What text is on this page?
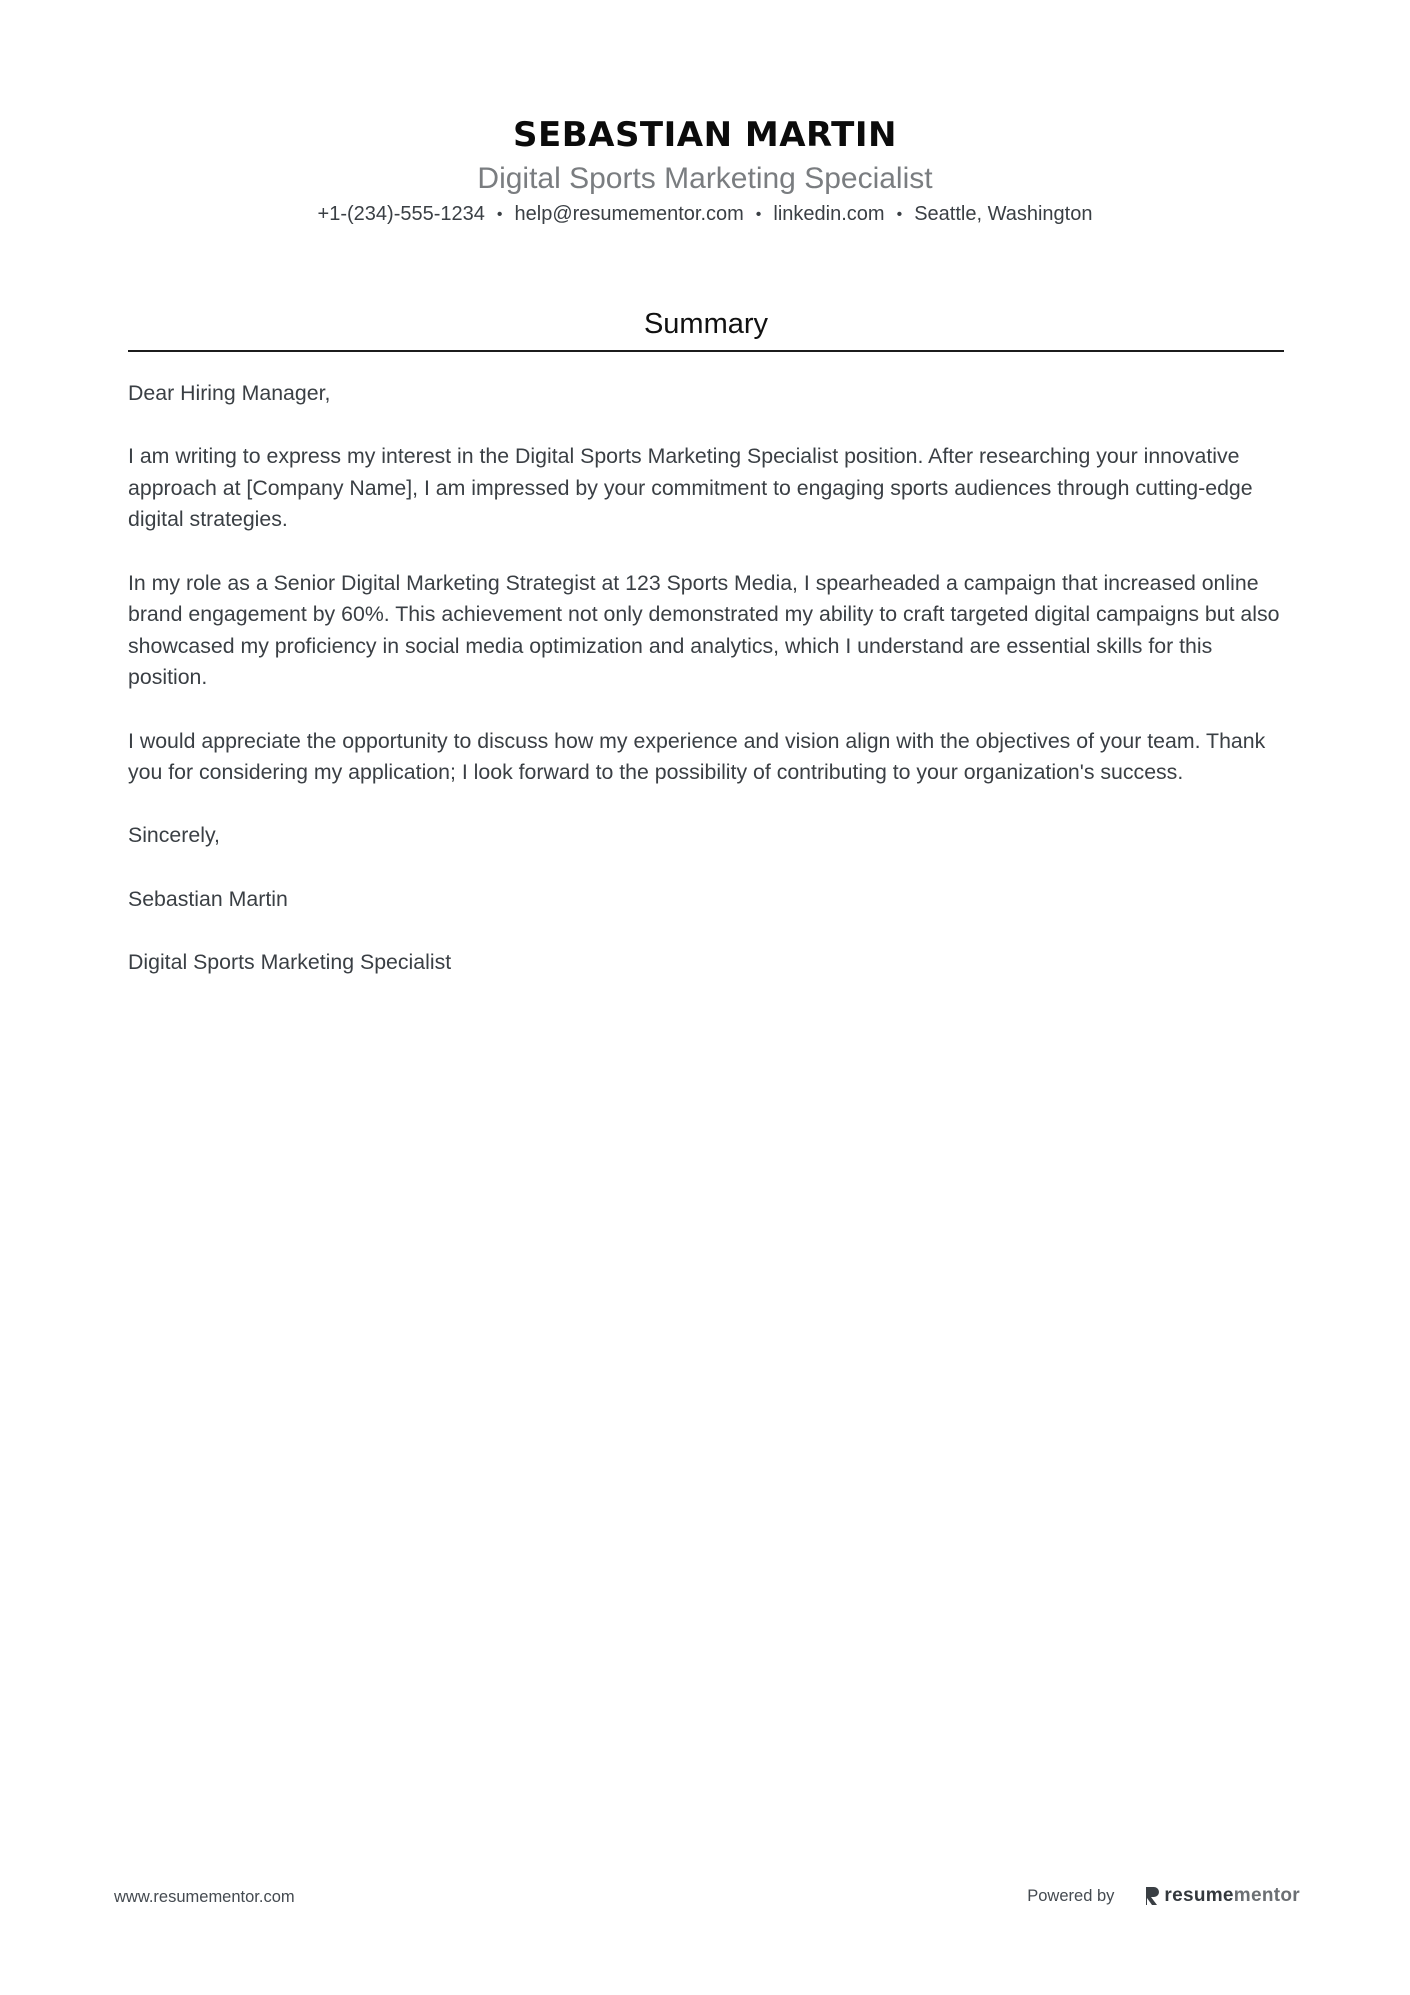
SEBASTIAN MARTIN
Digital Sports Marketing Specialist
+1-(234)-555-1234 • help@resumementor.com • linkedin.com • Seattle, Washington
Summary

Dear Hiring Manager,

I am writing to express my interest in the Digital Sports Marketing Specialist position. After researching your innovative approach at [Company Name], I am impressed by your commitment to engaging sports audiences through cutting-edge digital strategies.

In my role as a Senior Digital Marketing Strategist at 123 Sports Media, I spearheaded a campaign that increased online brand engagement by 60%. This achievement not only demonstrated my ability to craft targeted digital campaigns but also showcased my proficiency in social media optimization and analytics, which I understand are essential skills for this position.

I would appreciate the opportunity to discuss how my experience and vision align with the objectives of your team. Thank you for considering my application; I look forward to the possibility of contributing to your organization's success.

Sincerely,

Sebastian Martin

Digital Sports Marketing Specialist

www.resumementor.com	Powered by	resume mentor
